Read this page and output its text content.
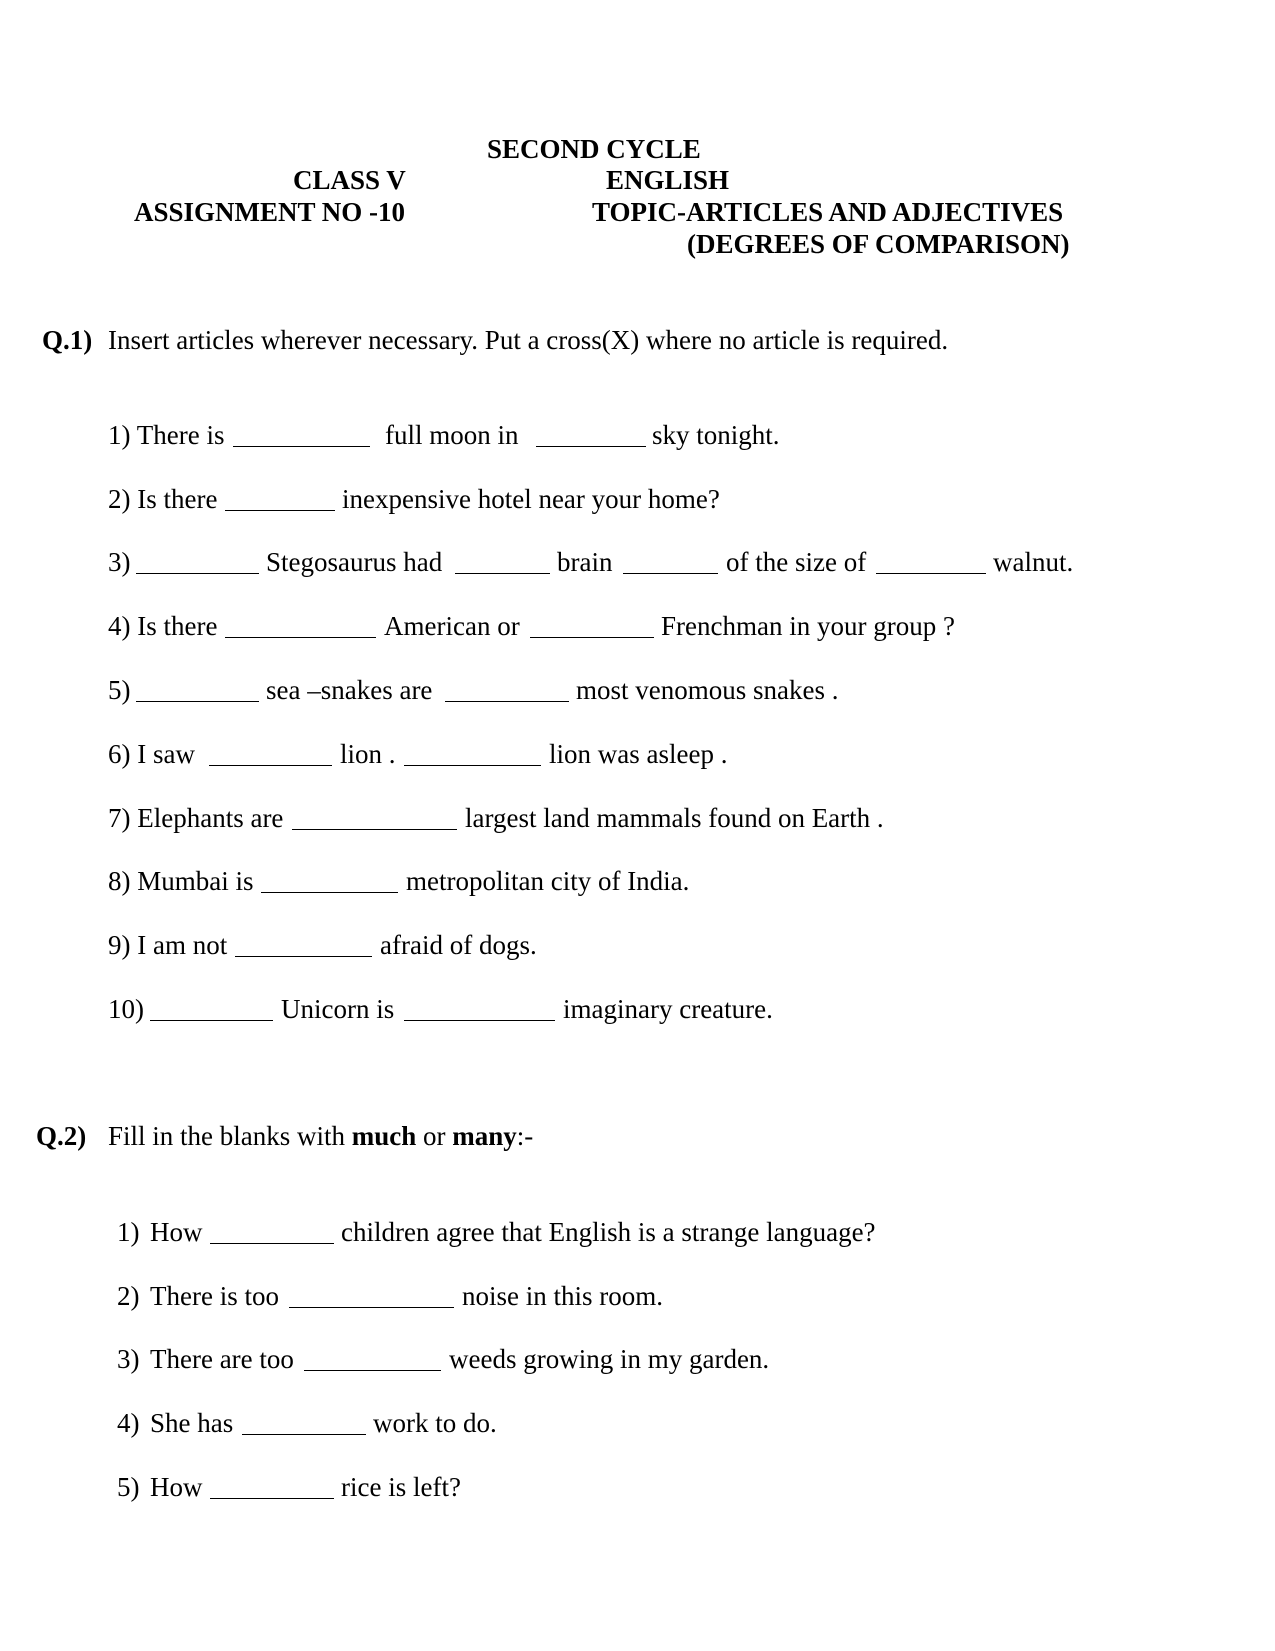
SECOND CYCLE
CLASS V	ENGLISH
ASSIGNMENT NO -10	TOPIC-ARTICLES AND ADJECTIVES
(DEGREES OF COMPARISON)
Q.1) Insert articles wherever necessary. Put a cross(X) where no article is required.
1) There is	full moon in	sky tonight.
2) Is there	inexpensive hotel near your home?
3)	Stegosaurus had	brain	of the size of	walnut.
4) Is there	American or	Frenchman in your group ?
5)	sea –snakes are	most venomous snakes .
6) I saw	lion .	lion was asleep .
7) Elephants are	largest land mammals found on Earth .
8) Mumbai is	metropolitan city of India.
9) I am not	afraid of dogs.
10)	Unicorn is	imaginary creature.
Q.2) Fill in the blanks with much or many:-
1) How	children agree that English is a strange language?
2) There is too	noise in this room.
3) There are too	weeds growing in my garden.
4) She has	work to do.
5) How	rice is left?
